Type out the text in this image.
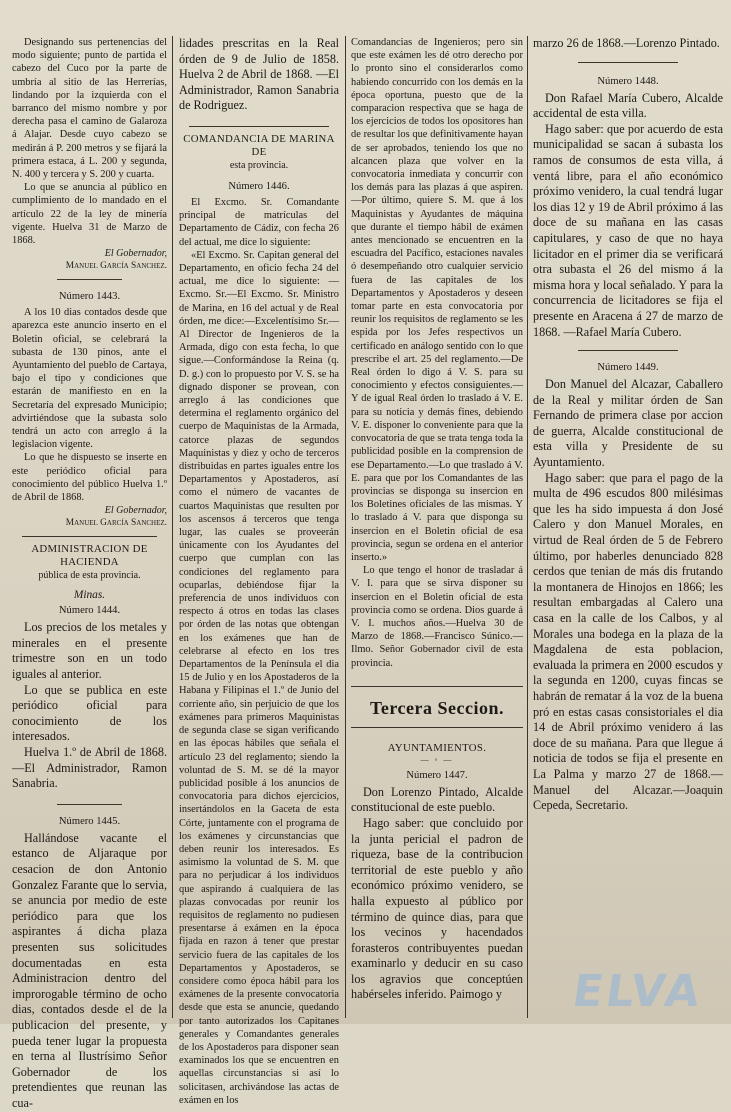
Designando sus pertenencias del modo siguiente; punto de partida el cabezo del Cuco por la parte de umbría al sitio de las Herrerías, lindando por la izquierda con el barranco del mismo nombre y por derecha pasa el camino de Galaroza á Alajar. Desde cuyo cabezo se medirán á P. 200 metros y se fijará la primera estaca, á L. 200 y segunda, N. 400 y tercera y S. 200 y cuarta.

Lo que se anuncia al público en cumplimiento de lo mandado en el artículo 22 de la ley de minería vigente. Huelva 31 de Marzo de 1868.

El Gobernador,

Manuel García Sanchez.

Número 1443.

A los 10 dias contados desde que aparezca este anuncio inserto en el Boletin oficial, se celebrará la subasta de 130 pinos, ante el Ayuntamiento del pueblo de Cartaya, bajo el tipo y condiciones que estarán de manifiesto en en la Secretaría del expresado Municipio; advirtiéndose que la subasta solo tendrá un acto con arreglo á la legislacion vigente.

Lo que he dispuesto se inserte en este periódico oficial para conocimiento del público Huelva 1.º de Abril de 1868.

El Gobernador,

Manuel García Sanchez.

ADMINISTRACION DE HACIENDA

pública de esta provincia.

Minas.

Número 1444.

Los precios de los metales y minerales en el presente trimestre son en un todo iguales al anterior.

Lo que se publica en este periódico oficial para conocimiento de los interesados.

Huelva 1.º de Abril de 1868.—El Administrador, Ramon Sanabria.

Número 1445.

Hallándose vacante el estanco de Aljaraque por cesacion de don Antonio Gonzalez Farante que lo servia, se anuncia por medio de este periódico para que los aspirantes á dicha plaza presenten sus solicitudes documentadas en esta Administracion dentro del improrogable término de ocho dias, contados desde el de la publicacion del presente, y pueda tener lugar la propuesta en terna al Ilustrísimo Señor Gobernador de los pretendientes que reunan las cua-

lidades prescritas en la Real órden de 9 de Julio de 1858. Huelva 2 de Abril de 1868. —El Administrador, Ramon Sanabria de Rodriguez.

COMANDANCIA DE MARINA DE

esta provincia.

Número 1446.

El Excmo. Sr. Comandante principal de matrículas del Departamento de Cádiz, con fecha 26 del actual, me dice lo siguiente:

«El Excmo. Sr. Capitan general del Departamento, en oficio fecha 24 del actual, me dice lo siguiente: —Excmo. Sr.—El Excmo. Sr. Ministro de Marina, en 16 del actual y de Real órden, me dice:—Excelentísimo Sr.—Al Director de Ingenieros de la Armada, digo con esta fecha, lo que sigue.—Conformándose la Reina (q. D. g.) con lo propuesto por V. S. se ha dignado disponer se provean, con arreglo á las condiciones que determina el reglamento orgánico del cuerpo de Maquinistas de la Armada, catorce plazas de segundos Maquinistas y diez y ocho de terceros distribuidas en partes iguales entre los Departamentos y Apostaderos, así como el número de vacantes de cuartos Maquinistas que resulten por los ascensos á terceros que tenga lugar, las cuales se proveerán únicamente con los Ayudantes del cuerpo que cumplan con las condiciones del reglamento para ocuparlas, debiéndose fijar la preferencia de unos individuos con respecto á otros en todas las clases por órden de las notas que obtengan en los exámenes que han de celebrarse al efecto en los tres Departamentos de la Península el dia 15 de Julio y en los Apostaderos de la Habana y Filipinas el 1.º de Junio del corriente año, sin perjuicio de que los exámenes para primeros Maquinistas de segunda clase se sigan verificando en las épocas hábiles que señala el artículo 23 del reglamento; siendo la voluntad de S. M. se dé la mayor publicidad posible á los anuncios de convocatoria para dichos ejercicios, insertándolos en la Gaceta de esta Córte, juntamente con el programa de los exámenes y circunstancias que deben reunir los interesados. Es asimismo la voluntad de S. M. que para no perjudicar á los individuos que aspirando á cualquiera de las plazas convocadas por reunir los requisitos de reglamento no pudiesen presentarse á exámen en la época fijada en razon á tener que prestar servicio fuera de las capitales de los Departamentos y Apostaderos, se considere como época hábil para los exámenes de la presente convocatoria desde que esta se anuncie, quedando por tanto autorizados los Capitanes generales y Comandantes generales de los Apostaderos para disponer sean examinados los que se encuentren en aquellas circunstancias si así lo solicitasen, archivándose las actas de exámen en los

Comandancias de Ingenieros; pero sin que este exámen les dé otro derecho por lo pronto sino el considerarlos como habiendo concurrido con los demás en la época oportuna, puesto que de la comparacion respectiva que se haga de los ejercicios de todos los opositores han de resultar los que definitivamente hayan de ser aprobados, teniendo los que no alcancen plaza que volver en la convocatoria inmediata y concurrir con los demás para las plazas á que aspiren.—Por último, quiere S. M. que á los Maquinistas y Ayudantes de máquina que durante el tiempo hábil de exámen antes mencionado se encuentren en la escuadra del Pacífico, estaciones navales ó desempeñando otro cualquier servicio fuera de las capitales de los Departamentos y Apostaderos y deseen tomar parte en esta convocatoria por reunir los requisitos de reglamento se les espida por los Jefes respectivos un certificado en análogo sentido con lo que prescribe el art. 25 del reglamento.—De Real órden lo digo á V. S. para su conocimiento y efectos consiguientes.—Y de igual Real órden lo traslado á V. E. para su noticia y demás fines, debiendo V. E. disponer lo conveniente para que la convocatoria de que se trata tenga toda la publicidad posible en la comprension de ese Departamento.—Lo que traslado á V. E. para que por los Comandantes de las provincias se disponga su insercion en los Boletines oficiales de las mismas. Y lo traslado á V. para que disponga su insercion en el Boletin oficial de esa provincia, segun se ordena en el anterior inserto.»

Lo que tengo el honor de trasladar á V. I. para que se sirva disponer su insercion en el Boletin oficial de esta provincia como se ordena. Dios guarde á V. I. muchos años.—Huelva 30 de Marzo de 1868.—Francisco Súnico.—Ilmo. Señor Gobernador civil de esta provincia.

Tercera Seccion.

AYUNTAMIENTOS.

— ◦ —

Número 1447.

Don Lorenzo Pintado, Alcalde constitucional de este pueblo.

Hago saber: que concluido por la junta pericial el padron de riqueza, base de la contribucion territorial de este pueblo y año económico próximo venidero, se halla expuesto al público por término de quince dias, para que los vecinos y hacendados forasteros contribuyentes puedan examinarlo y deducir en su caso los agravios que conceptúen habérseles inferido. Paimogo y

marzo 26 de 1868.—Lorenzo Pintado.

Número 1448.

Don Rafael María Cubero, Alcalde accidental de esta villa.

Hago saber: que por acuerdo de esta municipalidad se sacan á subasta los ramos de consumos de esta villa, á ventá libre, para el año económico próximo venidero, la cual tendrá lugar los dias 12 y 19 de Abril próximo á las doce de su mañana en las casas capitulares, y caso de que no haya licitador en el primer dia se verificará otra subasta el 26 del mismo á la misma hora y local señalado. Y para la concurrencia de licitadores se fija el presente en Aracena á 27 de marzo de 1868. —Rafael María Cubero.

Número 1449.

Don Manuel del Alcazar, Caballero de la Real y militar órden de San Fernando de primera clase por accion de guerra, Alcalde constitucional de esta villa y Presidente de su Ayuntamiento.

Hago saber: que para el pago de la multa de 496 escudos 800 milésimas que les ha sido impuesta á don José Calero y don Manuel Morales, en virtud de Real órden de 5 de Febrero último, por haberles denunciado 828 cerdos que tenian de más dis frutando la montanera de Hinojos en 1866; les resultan embargadas al Calero una casa en la calle de los Calbos, y al Morales una bodega en la plaza de la Magdalena de esta poblacion, evaluada la primera en 2000 escudos y la segunda en 1200, cuyas fincas se habrán de rematar á la voz de la buena pró en estas casas consistoriales el dia 14 de Abril próximo venidero á las doce de su mañana. Para que llegue á noticia de todos se fija el presente en La Palma y marzo 27 de 1868.—Manuel del Alcazar.—Joaquin Cepeda, Secretario.

ELVA
